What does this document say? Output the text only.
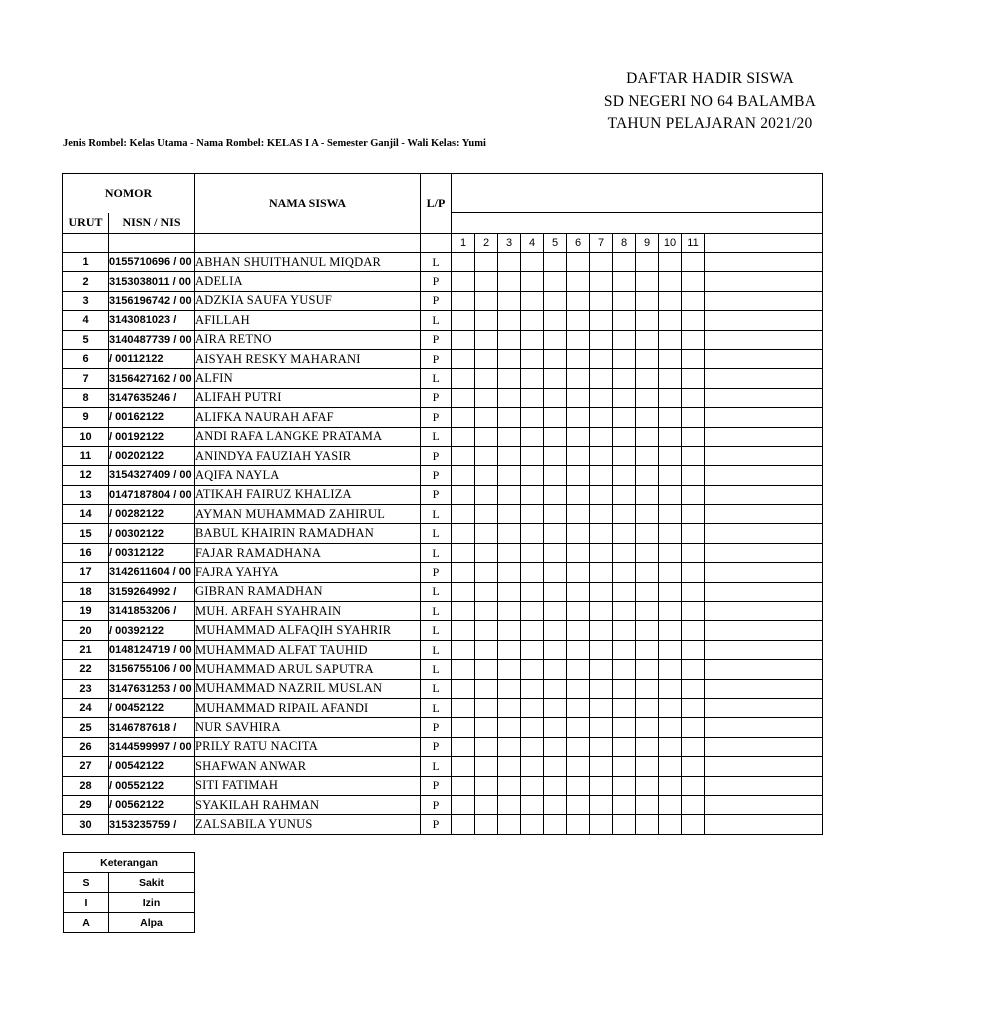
DAFTAR HADIR SISWA
SD NEGERI NO 64 BALAMBA
TAHUN PELAJARAN 2021/20
Jenis Rombel: Kelas Utama - Nama Rombel: KELAS I A - Semester Ganjil - Wali Kelas: Yumi
NOMOR		NAMA SISWA	L/P												
URUT	NISN / NIS														
				1	2	3	4	5	6	7	8	9	10	11	
1	0155710696 / 00	ABHAN SHUITHANUL MIQDAR	L												
2	3153038011 / 00	ADELIA	P												
3	3156196742 / 00	ADZKIA SAUFA YUSUF	P												
4	3143081023 /	AFILLAH	L												
5	3140487739 / 00	AIRA RETNO	P												
6	/ 00112122	AISYAH RESKY MAHARANI	P												
7	3156427162 / 00	ALFIN	L												
8	3147635246 /	ALIFAH PUTRI	P												
9	/ 00162122	ALIFKA NAURAH AFAF	P												
10	/ 00192122	ANDI RAFA LANGKE PRATAMA	L												
11	/ 00202122	ANINDYA FAUZIAH YASIR	P												
12	3154327409 / 00	AQIFA NAYLA	P												
13	0147187804 / 00	ATIKAH FAIRUZ KHALIZA	P												
14	/ 00282122	AYMAN MUHAMMAD ZAHIRUL	L												
15	/ 00302122	BABUL KHAIRIN RAMADHAN	L												
16	/ 00312122	FAJAR RAMADHANA	L												
17	3142611604 / 00	FAJRA YAHYA	P												
18	3159264992 /	GIBRAN RAMADHAN	L												
19	3141853206 /	MUH. ARFAH SYAHRAIN	L												
20	/ 00392122	MUHAMMAD ALFAQIH SYAHRIR	L												
21	0148124719 / 00	MUHAMMAD ALFAT TAUHID	L												
22	3156755106 / 00	MUHAMMAD ARUL SAPUTRA	L												
23	3147631253 / 00	MUHAMMAD NAZRIL MUSLAN	L												
24	/ 00452122	MUHAMMAD RIPAIL AFANDI	L												
25	3146787618 /	NUR SAVHIRA	P												
26	3144599997 / 00	PRILY RATU NACITA	P												
27	/ 00542122	SHAFWAN ANWAR	L												
28	/ 00552122	SITI FATIMAH	P												
29	/ 00562122	SYAKILAH RAHMAN	P												
30	3153235759 /	ZALSABILA YUNUS	P												
Keterangan	
S	Sakit
I	Izin
A	Alpa
